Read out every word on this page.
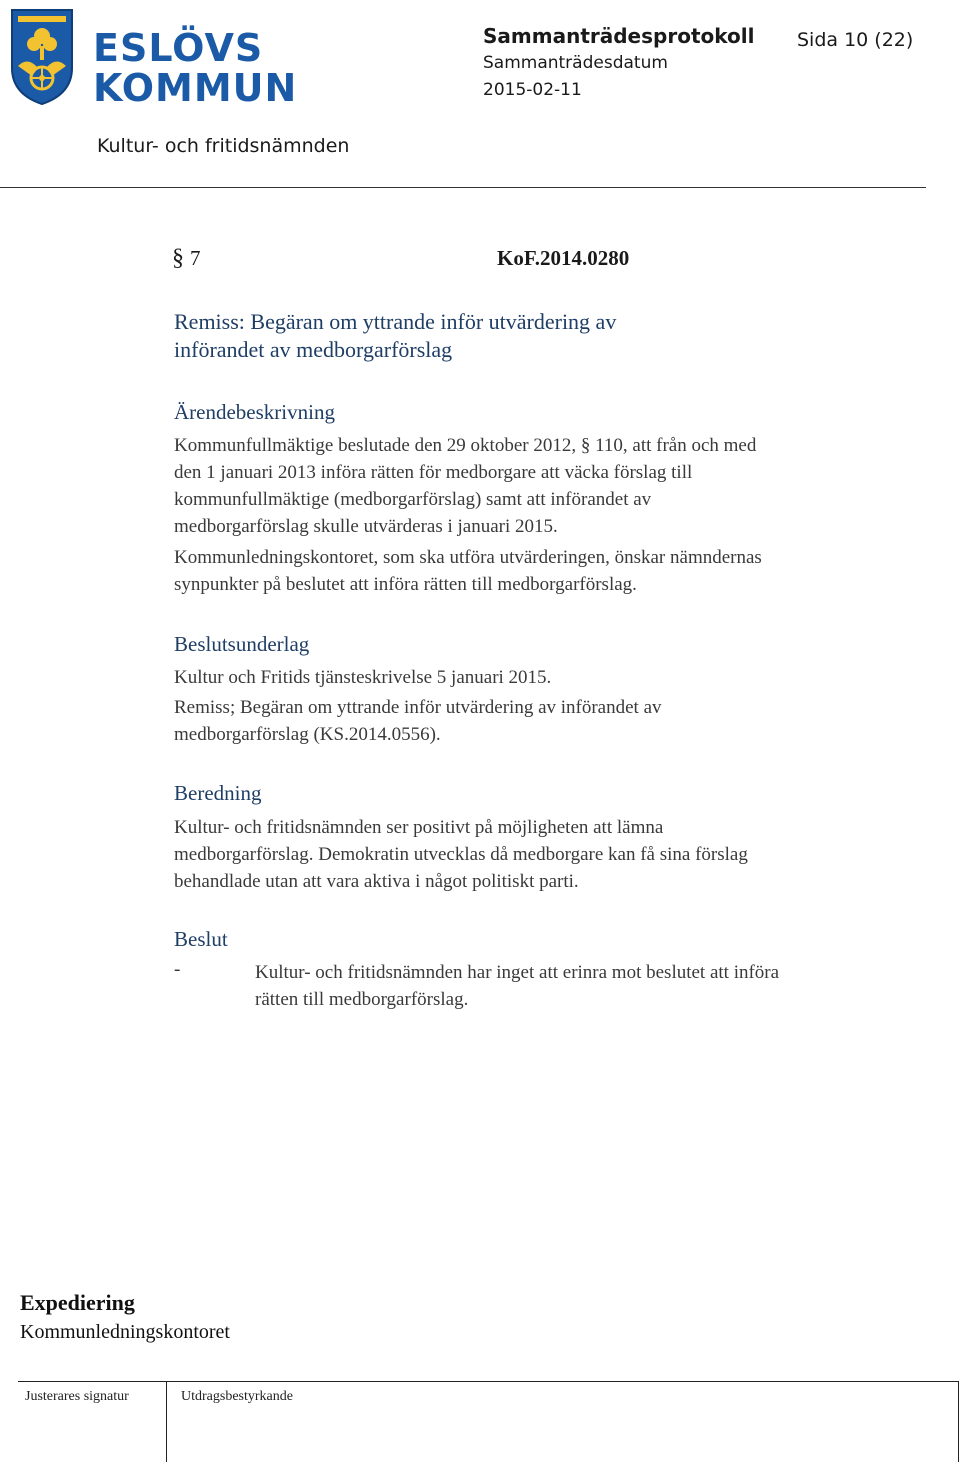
ESLÖVS
KOMMUN
Sammanträdesprotokoll Sida 10 (22)
Sammanträdesdatum
2015-02-11
Kultur- och fritidsnämnden
§ 7	KoF.2014.0280
Remiss: Begäran om yttrande inför utvärdering av
införandet av medborgarförslag
Ärendebeskrivning
Kommunfullmäktige beslutade den 29 oktober 2012, § 110, att från och med
den 1 januari 2013 införa rätten för medborgare att väcka förslag till
kommunfullmäktige (medborgarförslag) samt att införandet av
medborgarförslag skulle utvärderas i januari 2015.
Kommunledningskontoret, som ska utföra utvärderingen, önskar nämndernas
synpunkter på beslutet att införa rätten till medborgarförslag.
Beslutsunderlag
Kultur och Fritids tjänsteskrivelse 5 januari 2015.
Remiss; Begäran om yttrande inför utvärdering av införandet av
medborgarförslag (KS.2014.0556).
Beredning
Kultur- och fritidsnämnden ser positivt på möjligheten att lämna
medborgarförslag. Demokratin utvecklas då medborgare kan få sina förslag
behandlade utan att vara aktiva i något politiskt parti.
Beslut
-	Kultur- och fritidsnämnden har inget att erinra mot beslutet att införa
rätten till medborgarförslag.
Expediering
Kommunledningskontoret
Justerares signatur	Utdragsbestyrkande
